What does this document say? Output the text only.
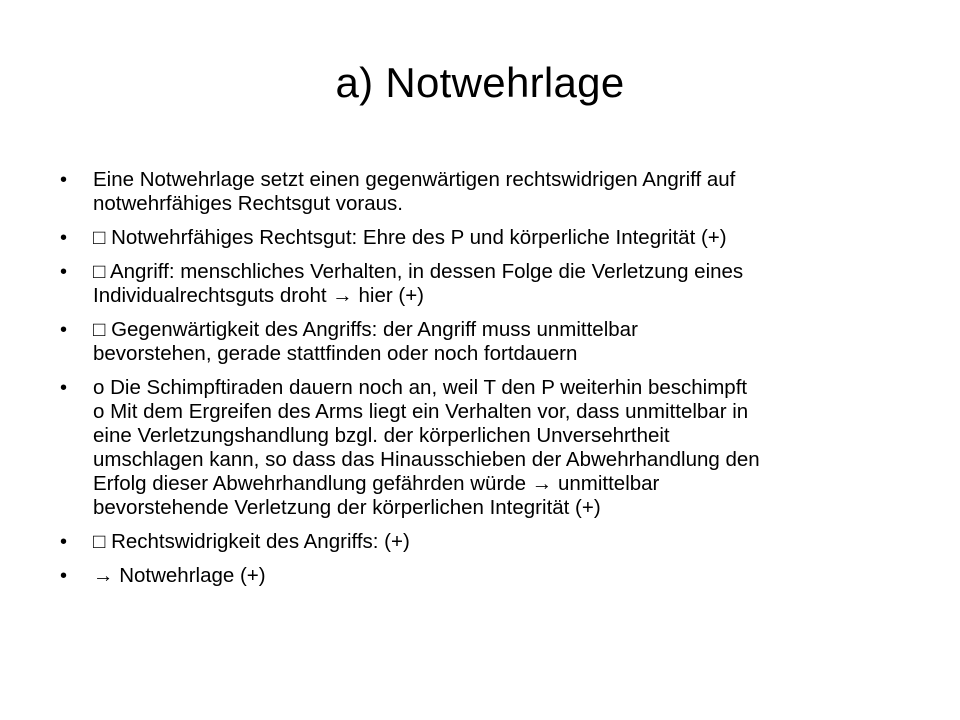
a) Notwehrlage
•	Eine Notwehrlage setzt einen gegenwärtigen rechtswidrigen Angriff auf
notwehrfähiges Rechtsgut voraus.
•	□ Notwehrfähiges Rechtsgut: Ehre des P und körperliche Integrität (+)
•	□ Angriff: menschliches Verhalten, in dessen Folge die Verletzung eines
Individualrechtsguts droht → hier (+)
•	□ Gegenwärtigkeit des Angriffs: der Angriff muss unmittelbar
bevorstehen, gerade stattfinden oder noch fortdauern
•	o Die Schimpftiraden dauern noch an, weil T den P weiterhin beschimpft
o Mit dem Ergreifen des Arms liegt ein Verhalten vor, dass unmittelbar in
eine Verletzungshandlung bzgl. der körperlichen Unversehrtheit
umschlagen kann, so dass das Hinausschieben der Abwehrhandlung den
Erfolg dieser Abwehrhandlung gefährden würde → unmittelbar
bevorstehende Verletzung der körperlichen Integrität (+)
•	□ Rechtswidrigkeit des Angriffs: (+)
•	→ Notwehrlage (+)
